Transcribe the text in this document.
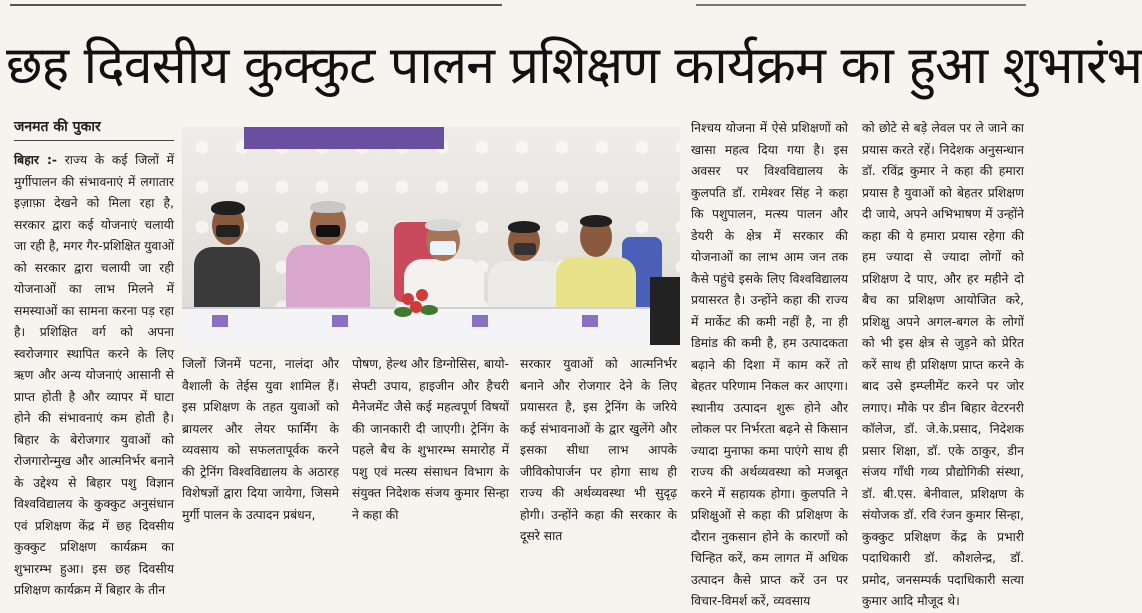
छह दिवसीय कुक्कुट पालन प्रशिक्षण कार्यक्रम का हुआ शुभारंभ
जनमत की पुकार
बिहार :- राज्य के कई जिलों में मुर्गीपालन की संभावनाएं में लगातार इज़ाफ़ा देखने को मिला रहा है, सरकार द्वारा कई योजनाएं चलायी जा रही है, मगर गैर-प्रशिक्षित युवाओं को सरकार द्वारा चलायी जा रही योजनाओं का लाभ मिलने में समस्याओं का सामना करना पड़ रहा है। प्रशिक्षित वर्ग को अपना स्वरोजगार स्थापित करने के लिए ऋण और अन्य योजनाएं आसानी से प्राप्त होती है और व्यापर में घाटा होने की संभावनाएं कम होती है। बिहार के बेरोजगार युवाओं को रोजगारोन्मुख और आत्मनिर्भर बनाने के उद्देश्य से बिहार पशु विज्ञान विश्वविद्यालय के कुक्कुट अनुसंधान एवं प्रशिक्षण केंद्र में छह दिवसीय कुक्कुट प्रशिक्षण कार्यक्रम का शुभारम्भ हुआ। इस छह दिवसीय प्रशिक्षण कार्यक्रम में बिहार के तीन
जिलों जिनमें पटना, नालंदा और वैशाली के तेईस युवा शामिल हैं। इस प्रशिक्षण के तहत युवाओं को ब्रायलर और लेयर फार्मिंग के व्यवसाय को सफलतापूर्वक करने की ट्रेनिंग विश्वविद्यालय के अठारह विशेषज्ञों द्वारा दिया जायेगा, जिसमे मुर्गी पालन के उत्पादन प्रबंधन,
पोषण, हेल्थ और डिग्नोसिस, बायो-सेफ्टी उपाय, हाइजीन और हैचरी मैनेजमेंट जैसे कई महत्वपूर्ण विषयों की जानकारी दी जाएगी। ट्रेनिंग के पहले बैच के शुभारम्भ समारोह में पशु एवं मत्स्य संसाधन विभाग के संयुक्त निदेशक संजय कुमार सिन्हा ने कहा की
सरकार युवाओं को आत्मनिर्भर बनाने और रोजगार देने के लिए प्रयासरत है, इस ट्रेनिंग के जरिये कई संभावनाओं के द्वार खुलेंगे और इसका सीधा लाभ आपके जीविकोपार्जन पर होगा साथ ही राज्य की अर्थव्यवस्था भी सुदृढ़ होगी। उन्होंने कहा की सरकार के दूसरे सात
निश्चय योजना में ऐसे प्रशिक्षणों को खासा महत्व दिया गया है। इस अवसर पर विश्वविद्यालय के कुलपति डॉ. रामेश्वर सिंह ने कहा कि पशुपालन, मत्स्य पालन और डेयरी के क्षेत्र में सरकार की योजनाओं का लाभ आम जन तक कैसे पहुंचे इसके लिए विश्वविद्यालय प्रयासरत है। उन्होंने कहा की राज्य में मार्केट की कमी नहीं है, ना ही डिमांड की कमी है, हम उत्पादकता बढ़ाने की दिशा में काम करें तो बेहतर परिणाम निकल कर आएगा। स्थानीय उत्पादन शुरू होने और लोकल पर निर्भरता बढ़ने से किसान ज्यादा मुनाफा कमा पाएंगे साथ ही राज्य की अर्थव्यवस्था को मजबूत करने में सहायक होगा। कुलपति ने प्रशिक्षुओं से कहा की प्रशिक्षण के दौरान नुकसान होने के कारणों को चिन्हित करें, कम लागत में अधिक उत्पादन कैसे प्राप्त करें उन पर विचार-विमर्श करें, व्यवसाय
को छोटे से बड़े लेवल पर ले जाने का प्रयास करते रहें। निदेशक अनुसन्धान डॉ. रविंद्र कुमार ने कहा की हमारा प्रयास है युवाओं को बेहतर प्रशिक्षण दी जाये, अपने अभिभाषण में उन्होंने कहा की ये हमारा प्रयास रहेगा की हम ज्यादा से ज्यादा लोगों को प्रशिक्षण दे पाए, और हर महीने दो बैच का प्रशिक्षण आयोजित करे, प्रशिक्षु अपने अगल-बगल के लोगों को भी इस क्षेत्र से जुड़ने को प्रेरित करें साथ ही प्रशिक्षण प्राप्त करने के बाद उसे इम्प्लीमेंट करने पर जोर लगाए। मौके पर डीन बिहार वेटरनरी कॉलेज, डॉ. जे.के.प्रसाद, निदेशक प्रसार शिक्षा, डॉ. एके ठाकुर, डीन संजय गाँधी गव्य प्रौद्योगिकी संस्था, डॉ. बी.एस. बेनीवाल, प्रशिक्षण के संयोजक डॉ. रवि रंजन कुमार सिन्हा, कुक्कुट प्रशिक्षण केंद्र के प्रभारी पदाधिकारी डॉ. कौशलेन्द्र, डॉ. प्रमोद, जनसम्पर्क पदाधिकारी सत्या कुमार आदि मौजूद थे।
